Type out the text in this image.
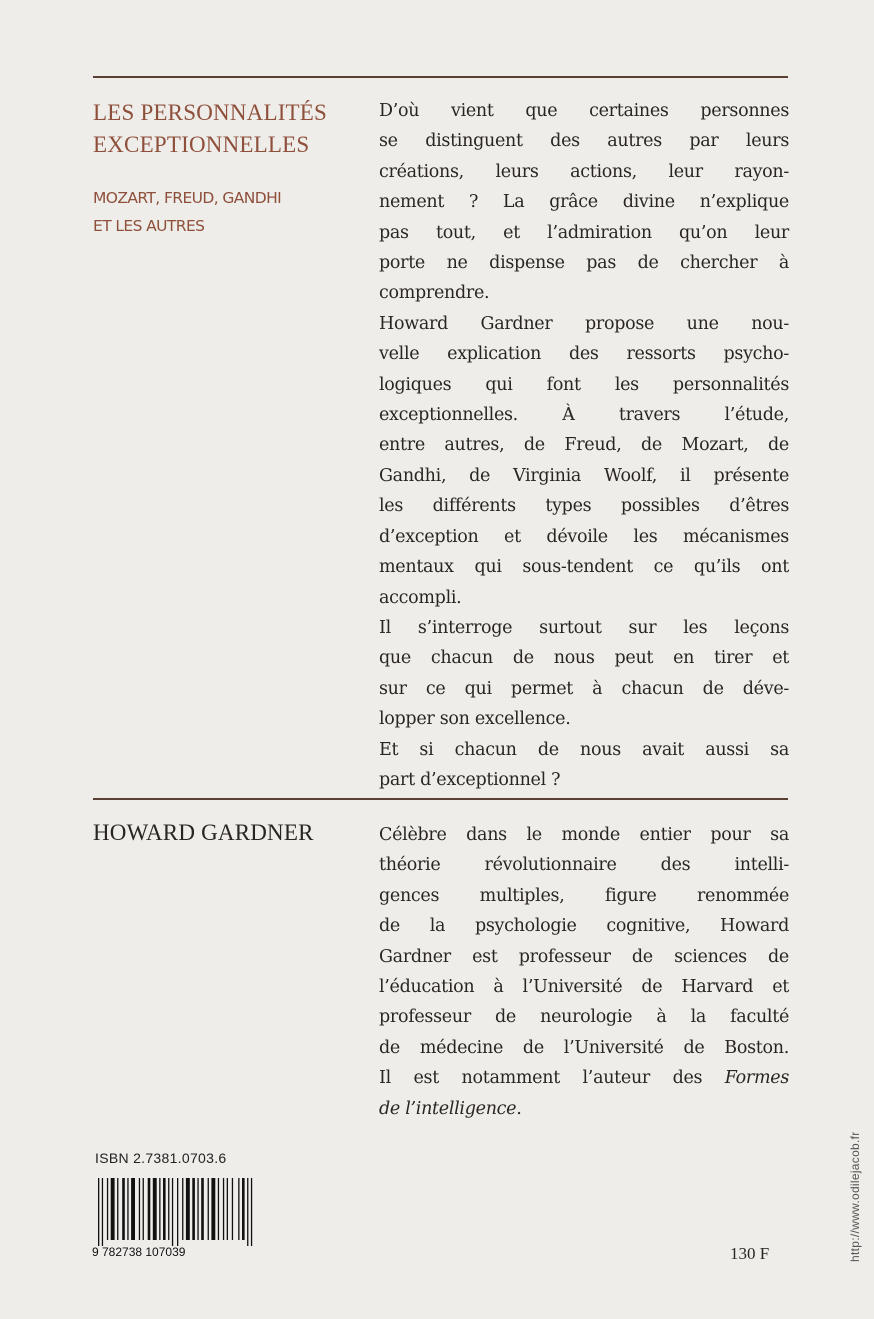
LES PERSONNALITÉS
EXCEPTIONNELLES
MOZART, FREUD, GANDHI
ET LES AUTRES
D’où vient que certaines personnes
se distinguent des autres par leurs
créations, leurs actions, leur rayon-
nement ? La grâce divine n’explique
pas tout, et l’admiration qu’on leur
porte ne dispense pas de chercher à
comprendre.
Howard Gardner propose une nou-
velle explication des ressorts psycho-
logiques qui font les personnalités
exceptionnelles. À travers l’étude,
entre autres, de Freud, de Mozart, de
Gandhi, de Virginia Woolf, il présente
les différents types possibles d’êtres
d’exception et dévoile les mécanismes
mentaux qui sous-tendent ce qu’ils ont
accompli.
Il s’interroge surtout sur les leçons
que chacun de nous peut en tirer et
sur ce qui permet à chacun de déve-
lopper son excellence.
Et si chacun de nous avait aussi sa
part d’exceptionnel ?
HOWARD GARDNER	Célèbre dans le monde entier pour sa
théorie révolutionnaire des intelli-
gences multiples, figure renommée
de la psychologie cognitive, Howard
Gardner est professeur de sciences de
l’éducation à l’Université de Harvard et
professeur de neurologie à la faculté
de médecine de l’Université de Boston.
Il est notamment l’auteur des Formes
de l’intelligence.
ISBN 2.7381.0703.6
9 782738 107039	130 F	http://www.odilejacob.fr
